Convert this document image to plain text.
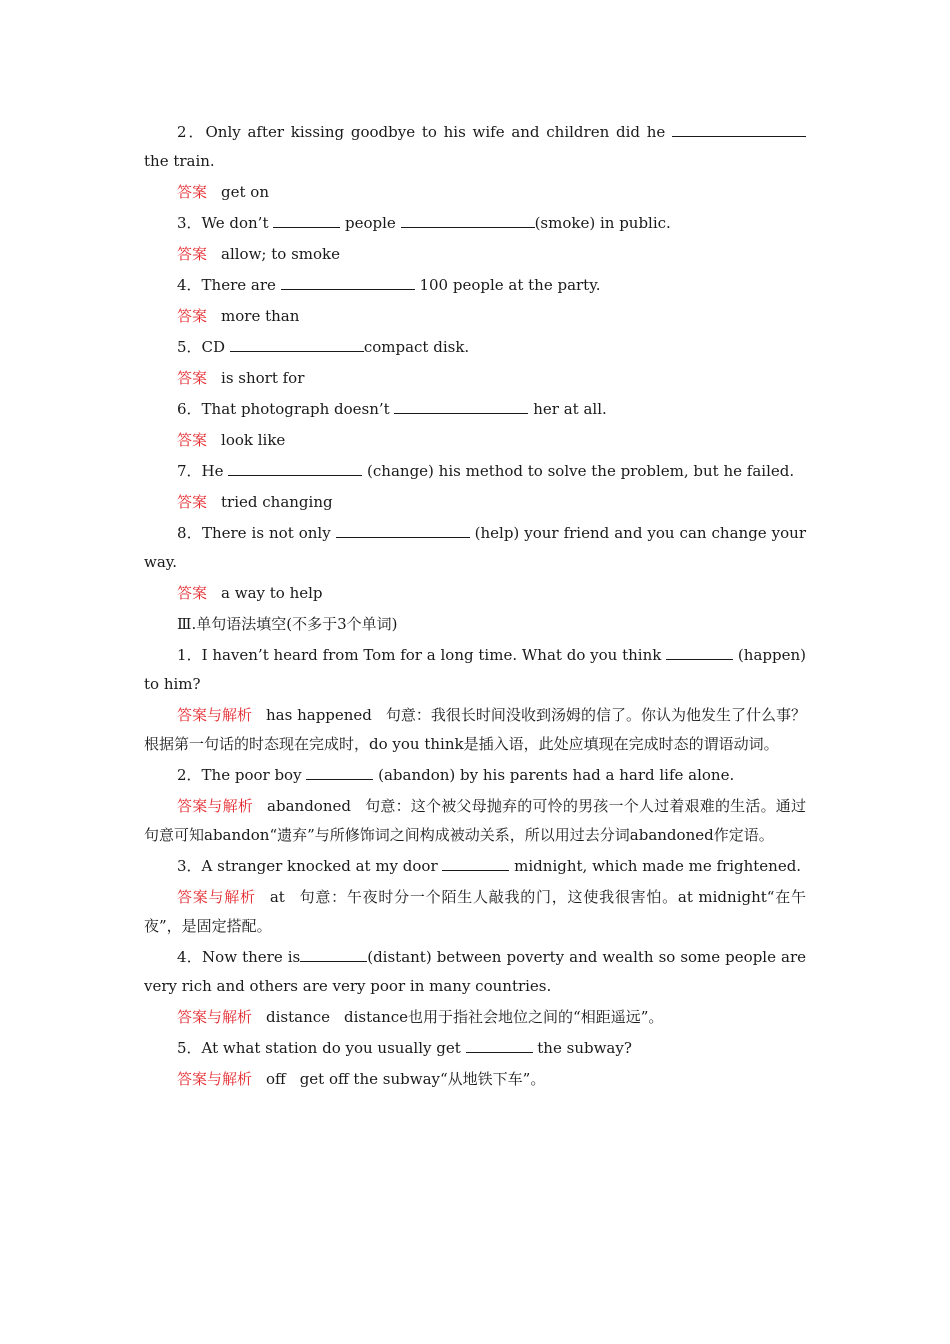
2．Only after kissing goodbye to his wife and children did he  the train.

答案 get on

3．We don’t	people	(smoke) in public.

答案 allow; to smoke

4．There are	100 people at the party.

答案 more than

5．CD	compact disk.

答案 is short for

6．That photograph doesn’t	her at all.

答案 look like

7．He	(change) his method to solve the problem, but he failed.

答案 tried changing

8．There is not only	(help) your friend and you can change your way.

答案 a way to help

Ⅲ.单句语法填空(不多于3个单词)

1．I haven’t heard from Tom for a long time. What do you think	(happen) to him?

答案与解析 has happened 句意：我很长时间没收到汤姆的信了。你认为他发生了什么事？根据第一句话的时态现在完成时，do you think是插入语，此处应填现在完成时态的谓语动词。

2．The poor boy	(abandon) by his parents had a hard life alone.

答案与解析 abandoned 句意：这个被父母抛弃的可怜的男孩一个人过着艰难的生活。通过句意可知abandon“遗弃”与所修饰词之间构成被动关系，所以用过去分词abandoned作定语。

3．A stranger knocked at my door	midnight, which made me frightened.

答案与解析 at 句意：午夜时分一个陌生人敲我的门，这使我很害怕。at midnight“在午夜”，是固定搭配。

4．Now there is	(distant) between poverty and wealth so some people are very rich and others are very poor in many countries.

答案与解析 distance distance也用于指社会地位之间的“相距遥远”。

5．At what station do you usually get	the subway?

答案与解析 off get off the subway“从地铁下车”。
